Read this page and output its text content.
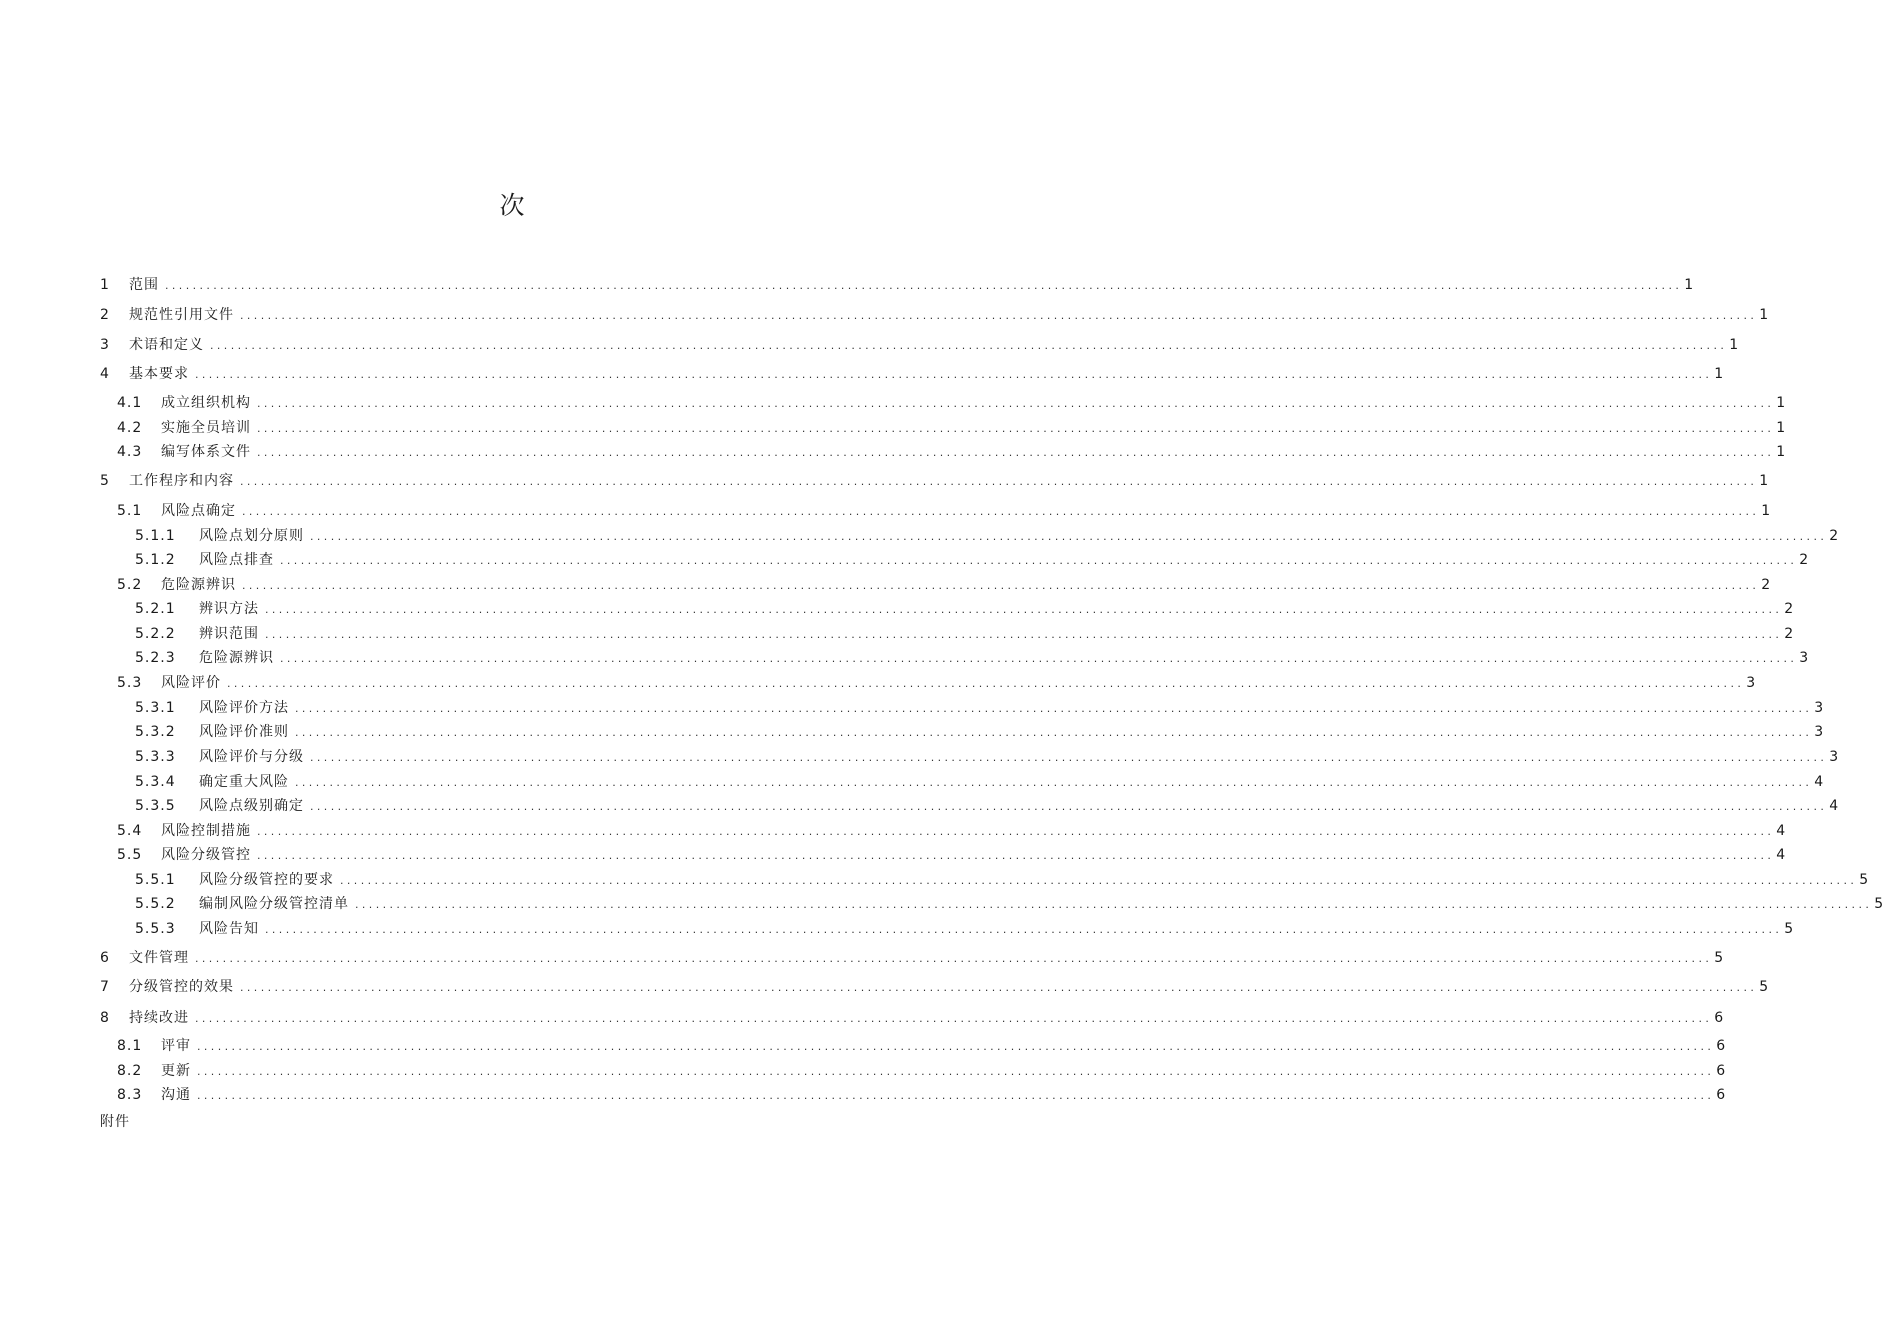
次
1 范围 ............................................................................................................................................................................................................................ 1
2 规范性引用文件 ............................................................................................................................................................................................................................ 1
3 术语和定义 ............................................................................................................................................................................................................................ 1
4 基本要求 ............................................................................................................................................................................................................................ 1
4.1 成立组织机构 ............................................................................................................................................................................................................................ 1
4.2 实施全员培训 ............................................................................................................................................................................................................................ 1
4.3 编写体系文件 ............................................................................................................................................................................................................................ 1
5 工作程序和内容 ............................................................................................................................................................................................................................ 1
5.1 风险点确定 ............................................................................................................................................................................................................................ 1
5.1.1 风险点划分原则 ............................................................................................................................................................................................................................ 2
5.1.2 风险点排查 ............................................................................................................................................................................................................................ 2
5.2 危险源辨识 ............................................................................................................................................................................................................................ 2
5.2.1 辨识方法 ............................................................................................................................................................................................................................ 2
5.2.2 辨识范围 ............................................................................................................................................................................................................................ 2
5.2.3 危险源辨识 ............................................................................................................................................................................................................................ 3
5.3 风险评价 ............................................................................................................................................................................................................................ 3
5.3.1 风险评价方法 ............................................................................................................................................................................................................................ 3
5.3.2 风险评价准则 ............................................................................................................................................................................................................................ 3
5.3.3 风险评价与分级 ............................................................................................................................................................................................................................ 3
5.3.4 确定重大风险 ............................................................................................................................................................................................................................ 4
5.3.5 风险点级别确定 ............................................................................................................................................................................................................................ 4
5.4 风险控制措施 ............................................................................................................................................................................................................................ 4
5.5 风险分级管控 ............................................................................................................................................................................................................................ 4
5.5.1 风险分级管控的要求 ............................................................................................................................................................................................................................ 5
5.5.2 编制风险分级管控清单 ............................................................................................................................................................................................................................ 5
5.5.3 风险告知 ............................................................................................................................................................................................................................ 5
6 文件管理 ............................................................................................................................................................................................................................ 5
7 分级管控的效果 ............................................................................................................................................................................................................................ 5
8 持续改进 ............................................................................................................................................................................................................................ 6
8.1 评审 ............................................................................................................................................................................................................................ 6
8.2 更新 ............................................................................................................................................................................................................................ 6
8.3 沟通 ............................................................................................................................................................................................................................ 6
附件
